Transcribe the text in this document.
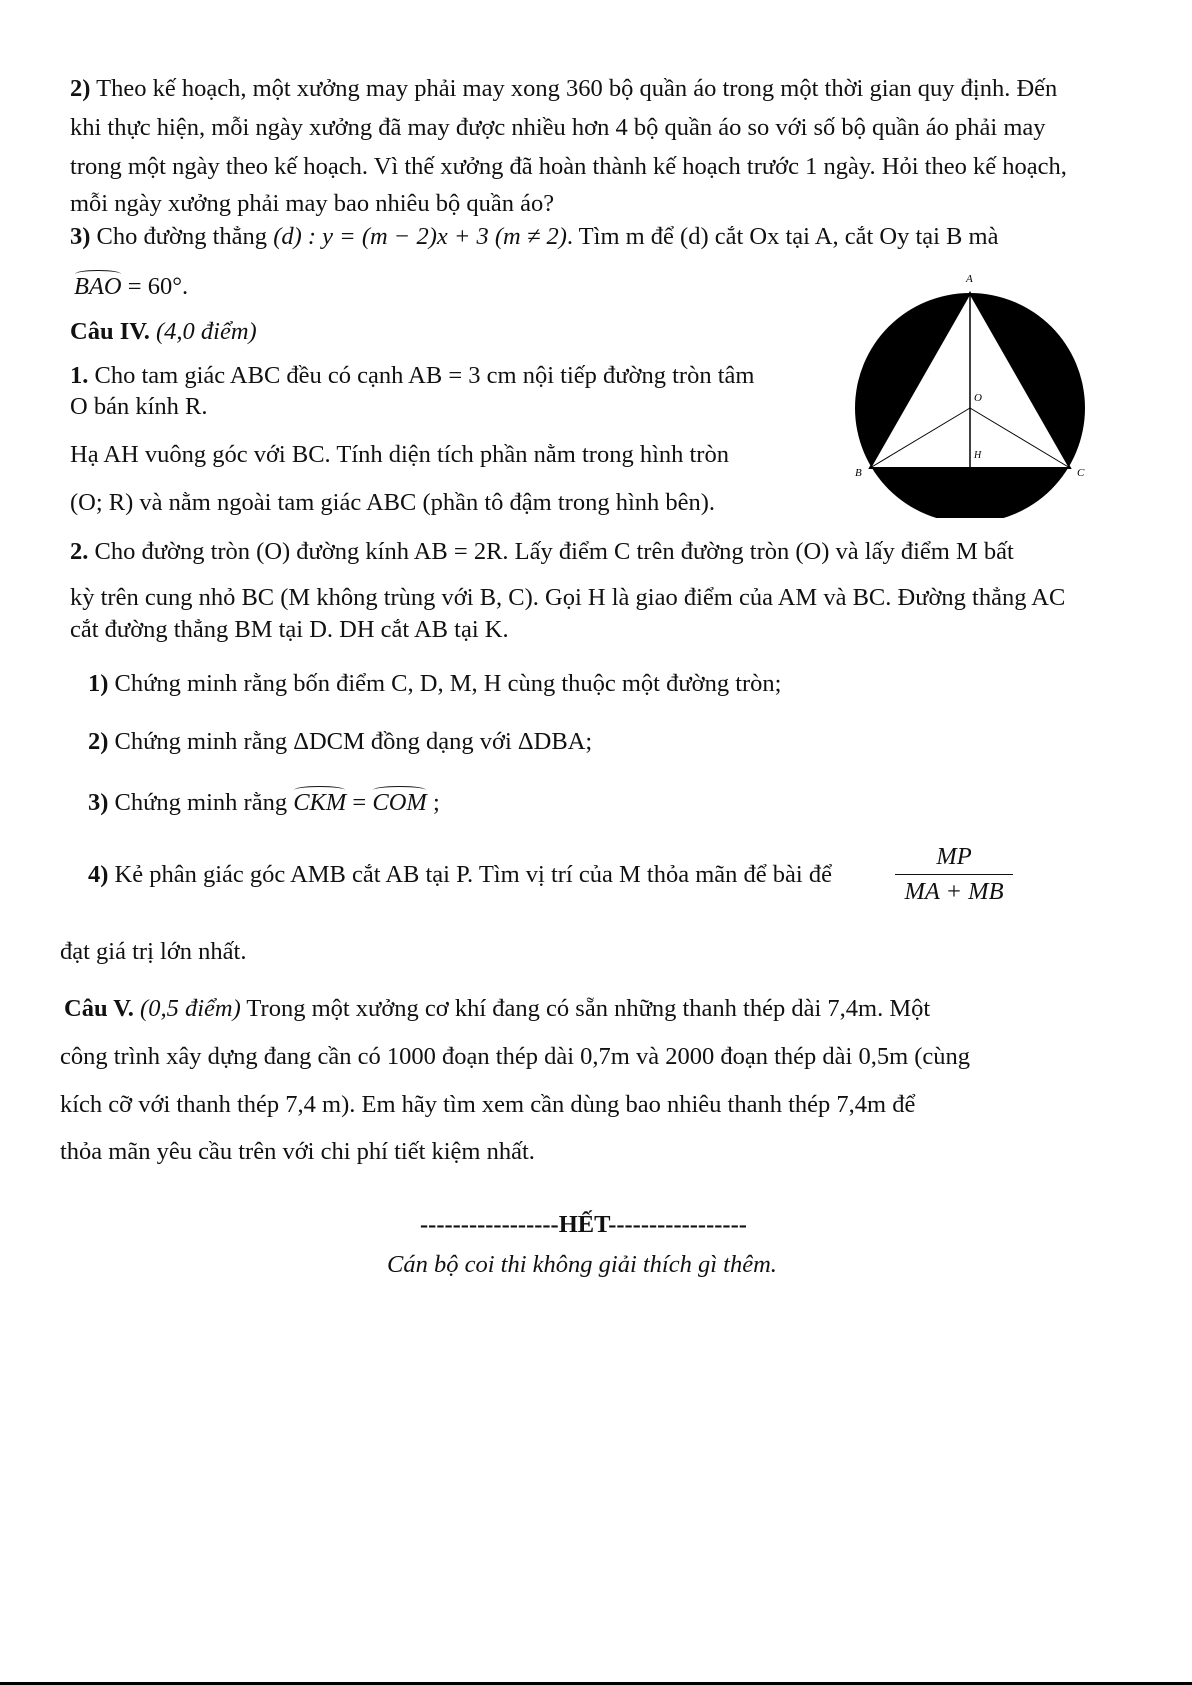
2) Theo kế hoạch, một xưởng may phải may xong 360 bộ quần áo trong một thời gian quy định. Đến
khi thực hiện, mỗi ngày xưởng đã may được nhiều hơn 4 bộ quần áo so với số bộ quần áo phải may
trong một ngày theo kế hoạch. Vì thế xưởng đã hoàn thành kế hoạch trước 1 ngày. Hỏi theo kế hoạch,
mỗi ngày xưởng phải may bao nhiêu bộ quần áo?
3) Cho đường thẳng (d) : y = (m − 2)x + 3 (m ≠ 2). Tìm m để (d) cắt Ox tại A, cắt Oy tại B mà
BAO = 60°.
Câu IV. (4,0 điểm)
1. Cho tam giác ABC đều có cạnh AB = 3 cm nội tiếp đường tròn tâm
O bán kính R.
Hạ AH vuông góc với BC. Tính diện tích phần nằm trong hình tròn
(O; R) và nằm ngoài tam giác ABC (phần tô đậm trong hình bên).
A
B	C
O
H
3 cm
2. Cho đường tròn (O) đường kính AB = 2R. Lấy điểm C trên đường tròn (O) và lấy điểm M bất
kỳ trên cung nhỏ BC (M không trùng với B, C). Gọi H là giao điểm của AM và BC. Đường thẳng AC
cắt đường thẳng BM tại D. DH cắt AB tại K.
1) Chứng minh rằng bốn điểm C, D, M, H cùng thuộc một đường tròn;
2) Chứng minh rằng ΔDCM đồng dạng với ΔDBA;
3) Chứng minh rằng CKM = COM ;
4) Kẻ phân giác góc AMB cắt AB tại P. Tìm vị trí của M thỏa mãn để bài để
MP
MA + MB
đạt giá trị lớn nhất.
Câu V. (0,5 điểm) Trong một xưởng cơ khí đang có sẵn những thanh thép dài 7,4m. Một
công trình xây dựng đang cần có 1000 đoạn thép dài 0,7m và 2000 đoạn thép dài 0,5m (cùng
kích cỡ với thanh thép 7,4 m). Em hãy tìm xem cần dùng bao nhiêu thanh thép 7,4m để
thỏa mãn yêu cầu trên với chi phí tiết kiệm nhất.
-----------------HẾT-----------------
Cán bộ coi thi không giải thích gì thêm.
